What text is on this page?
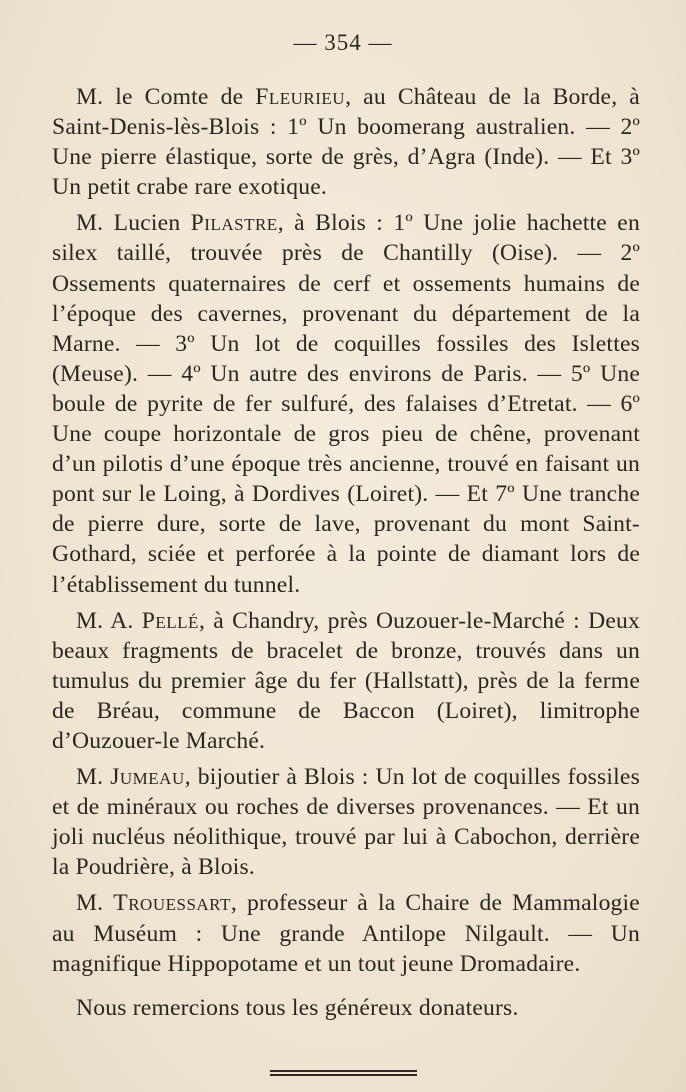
— 354 —

M. le Comte de Fleurieu, au Château de la Borde, à Saint-Denis-lès-Blois : 1º Un boomerang australien. — 2º Une pierre élastique, sorte de grès, d’Agra (Inde). — Et 3º Un petit crabe rare exotique.

M. Lucien Pilastre, à Blois : 1º Une jolie hachette en silex taillé, trouvée près de Chantilly (Oise). — 2º Ossements quaternaires de cerf et ossements humains de l’époque des cavernes, provenant du département de la Marne. — 3º Un lot de coquilles fossiles des Islettes (Meuse). — 4º Un autre des environs de Paris. — 5º Une boule de pyrite de fer sulfuré, des falaises d’Etretat. — 6º Une coupe horizontale de gros pieu de chêne, provenant d’un pilotis d’une époque très ancienne, trouvé en faisant un pont sur le Loing, à Dordives (Loiret). — Et 7º Une tranche de pierre dure, sorte de lave, provenant du mont Saint-Gothard, sciée et perforée à la pointe de diamant lors de l’établissement du tunnel.

M. A. Pellé, à Chandry, près Ouzouer-le-Marché : Deux beaux fragments de bracelet de bronze, trouvés dans un tumulus du premier âge du fer (Hallstatt), près de la ferme de Bréau, commune de Baccon (Loiret), limitrophe d’Ouzouer-le Marché.

M. Jumeau, bijoutier à Blois : Un lot de coquilles fossiles et de minéraux ou roches de diverses provenances. — Et un joli nucléus néolithique, trouvé par lui à Cabochon, derrière la Poudrière, à Blois.

M. Trouessart, professeur à la Chaire de Mammalogie au Muséum : Une grande Antilope Nilgault. — Un magnifique Hippopotame et un tout jeune Dromadaire.

Nous remercions tous les généreux donateurs.
